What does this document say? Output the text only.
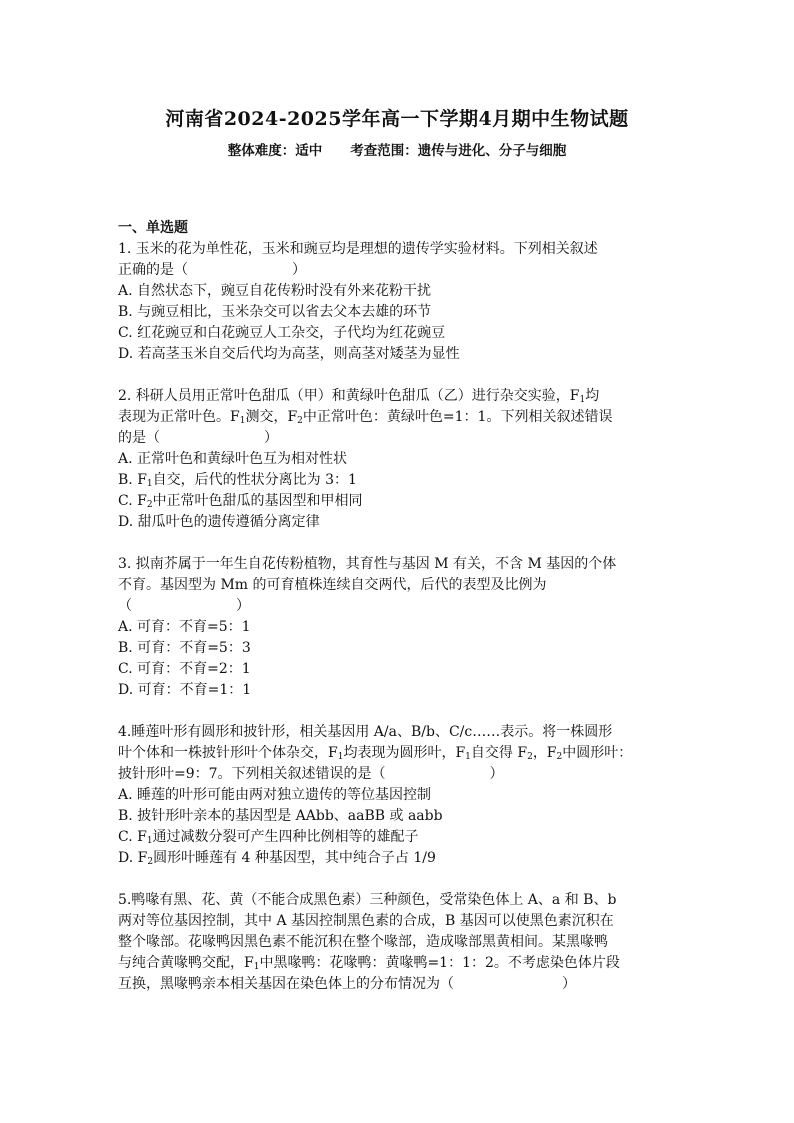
河南省2024-2025学年高一下学期4月期中生物试题
整体难度：适中 考查范围：遗传与进化、分子与细胞
一、单选题
1. 玉米的花为单性花，玉米和豌豆均是理想的遗传学实验材料。下列相关叙述
正确的是（	）
A. 自然状态下，豌豆自花传粉时没有外来花粉干扰
B. 与豌豆相比，玉米杂交可以省去父本去雄的环节
C. 红花豌豆和白花豌豆人工杂交，子代均为红花豌豆
D. 若高茎玉米自交后代均为高茎，则高茎对矮茎为显性
2. 科研人员用正常叶色甜瓜（甲）和黄绿叶色甜瓜（乙）进行杂交实验，$F_1$均
表现为正常叶色。$F_1$测交，$F_2$中正常叶色：黄绿叶色=1：1。下列相关叙述错误
的是（	）
A. 正常叶色和黄绿叶色互为相对性状
B. $F_1$自交，后代的性状分离比为 3：1
C. $F_2$中正常叶色甜瓜的基因型和甲相同
D. 甜瓜叶色的遗传遵循分离定律
3. 拟南芥属于一年生自花传粉植物，其育性与基因 M 有关，不含 M 基因的个体
不育。基因型为 Mm 的可育植株连续自交两代，后代的表型及比例为
（	）
A. 可育：不育=5：1
B. 可育：不育=5：3
C. 可育：不育=2：1
D. 可育：不育=1：1
4.睡莲叶形有圆形和披针形，相关基因用 A/a、B/b、C/c……表示。将一株圆形
叶个体和一株披针形叶个体杂交，$F_1$均表现为圆形叶，$F_1$自交得 $F_2$，$F_2$中圆形叶：
披针形叶=9：7。下列相关叙述错误的是（	）
A. 睡莲的叶形可能由两对独立遗传的等位基因控制
B. 披针形叶亲本的基因型是 AAbb、aaBB 或 aabb
C. $F_1$通过减数分裂可产生四种比例相等的雄配子
D. $F_2$圆形叶睡莲有 4 种基因型，其中纯合子占 1/9
5.鸭喙有黑、花、黄（不能合成黑色素）三种颜色，受常染色体上 A、a 和 B、b
两对等位基因控制，其中 A 基因控制黑色素的合成，B 基因可以使黑色素沉积在
整个喙部。花喙鸭因黑色素不能沉积在整个喙部，造成喙部黑黄相间。某黑喙鸭
与纯合黄喙鸭交配，$F_1$中黑喙鸭：花喙鸭：黄喙鸭=1：1：2。不考虑染色体片段
互换，黑喙鸭亲本相关基因在染色体上的分布情况为（	）
